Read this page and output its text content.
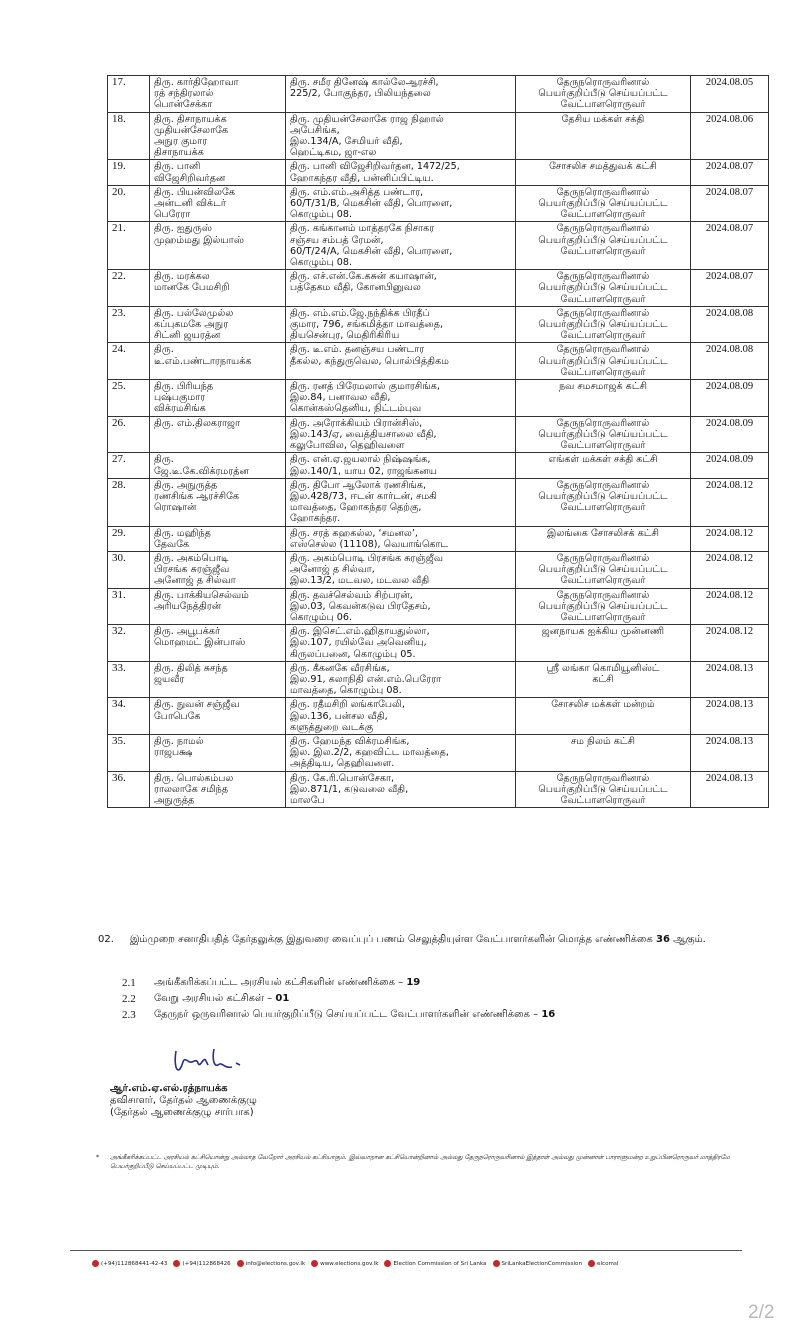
17.	திரு. கார்திஹோவா
ரத் சந்திரலால்
பொன்சேக்கா	திரு. சமீர தினேஷ் கால்லேஆரச்சி,
225/2, போகுந்தர, பிலியந்தலை	தேருநரொருவரினால்
பெயர்குறிப்பீடு செய்யப்பட்ட
வேட்பாளரொருவர்	2024.08.05
18.	திரு. திசாநாயக்க
முதியன்சேலாகே
அநுர குமார
திசாநாயக்க	திரு. முதியன்சேலாகே ராஜ நிஹால்
அபேசிங்க,
இல.134/A, சேமியர் வீதி,
ஹெட்டிகம, ஜா-எல	தேசிய மக்கள் சக்தி	2024.08.06
19.	திரு. பானி
விஜேசிறிவர்தன	திரு. பானி விஜேசிறிவர்தன, 1472/25,
ஹோகந்தர வீதி, பன்னிப்பிட்டிய.	சோசலிச சமத்துவக் கட்சி	2024.08.07
20.	திரு. பியன்விலகே
அன்டனி விக்டர்
பெரேரா	திரு. எம்.எம்.அசித்த பண்டார,
60/T/31/B, மெகசின் வீதி, பொரளை,
கொழும்பு 08.	தேருநரொருவரினால்
பெயர்குறிப்பீடு செய்யப்பட்ட
வேட்பாளரொருவர்	2024.08.07
21.	திரு. ஐதுருஸ்
முஹம்மது இல்யாஸ்	திரு. கங்கானம் மாத்தரகே நிசாகர
சஞ்சய சம்பத் ரேமன்,
60/T/24/A, மெகசின் வீதி, பொரளை,
கொழும்பு 08.	தேருநரொருவரினால்
பெயர்குறிப்பீடு செய்யப்பட்ட
வேட்பாளரொருவர்	2024.08.07
22.	திரு. மரக்கல
மானகே பேமசிறி	திரு. எச்.என்.கே.கசுன் கயாஷான்,
பத்தேகம வீதி, கோனபினுவல	தேருநரொருவரினால்
பெயர்குறிப்பீடு செய்யப்பட்ட
வேட்பாளரொருவர்	2024.08.07
23.	திரு. பல்லேமுல்ல
கப்புகமகே அநுர
சிட்னி ஜயரத்ன	திரு. எம்.எம்.ஜே.நந்திக்க பிரதீப்
குமார, 796, சங்கமித்தா மாவத்தை,
தியசென்புர, மெதிரிகிரிய	தேருநரொருவரினால்
பெயர்குறிப்பீடு செய்யப்பட்ட
வேட்பாளரொருவர்	2024.08.08
24.	திரு.
டீ.எம்.பண்டாரநாயக்க	திரு. டீ.எம். தனஞ்சய பண்டார
தீகல்ல, கந்துருவெல, பொல்பித்திகம	தேருநரொருவரினால்
பெயர்குறிப்பீடு செய்யப்பட்ட
வேட்பாளரொருவர்	2024.08.08
25.	திரு. பிரியந்த
புஷ்பகுமார
விக்ரமசிங்க	திரு. ரனத் பிரேமலால் குமாரசிங்க,
இல.84, பனாவல வீதி,
கொன்கஸ்தெனிய, நிட்டம்புவ	நவ சமசமாஜக் கட்சி	2024.08.09
26.	திரு. எம்.திலகராஜா	திரு. அரோக்கியம் பிரான்சிஸ்,
இல.143/ஏ, வைத்தியசாலை வீதி,
கலுபோவில, தெஹிவளை	தேருநரொருவரினால்
பெயர்குறிப்பீடு செய்யப்பட்ட
வேட்பாளரொருவர்	2024.08.09
27.	திரு.
ஜே.டீ.கே.விக்ரமரத்ன	திரு. என்.ஏ.ஜயலால் நிஷ்ஷங்க,
இல.140/1, யாய 02, ராஜங்கனய	எங்கள் மக்கள் சக்தி கட்சி	2024.08.09
28.	திரு. அநுருத்த
ரணசிங்க ஆரச்சிகே
ரொஷான்	திரு. திபோ ஆலோக் ரணசிங்க,
இல.428/73, ஈடன் கார்டன், சமகி
மாவத்தை, ஹோகந்தர தெற்கு,
ஹோகந்தர.	தேருநரொருவரினால்
பெயர்குறிப்பீடு செய்யப்பட்ட
வேட்பாளரொருவர்	2024.08.12
29.	திரு. மஹிந்த
தேவகே	திரு. சரத் கஹகல்ல, ‘சமனல’,
எஸ்செல்ல (11108), வெயாங்கொட	இலங்கை சோசலிசக் கட்சி	2024.08.12
30.	திரு. அகம்பொடி
பிரசங்க சுரஞ்ஜீவ
அனோஜ் த சில்வா	திரு. அகம்பொடி பிரசங்க சுரஞ்ஜீவ
அனோஜ் த சில்வா,
இல.13/2, மடவல, மடவல வீதி	தேருநரொருவரினால்
பெயர்குறிப்பீடு செய்யப்பட்ட
வேட்பாளரொருவர்	2024.08.12
31.	திரு. பாக்கியசெல்வம்
அரியநேத்திரன்	திரு. தவச்செல்வம் சிற்பரன்,
இல.03, கெவன்கடுவ பிரதேசம்,
கொழும்பு 06.	தேருநரொருவரினால்
பெயர்குறிப்பீடு செய்யப்பட்ட
வேட்பாளரொருவர்	2024.08.12
32.	திரு. அபூபக்கர்
மொஹமட் இன்பாஸ்	திரு. இசெட்.எம்.ஹிதாயதுல்லா,
இல.107, ரயில்வே அவெனியு,
கிருலப்பனை, கொழும்பு 05.	ஜனநாயக ஐக்கிய முன்னணி	2024.08.12
33.	திரு. திலித் சுசந்த
ஜயவீர	திரு. கீகனகே வீரசிங்க,
இல.91, கலாநிதி என்.எம்.பெரேரா
மாவத்தை, கொழும்பு 08.	ஸ்ரீ லங்கா கொமியூனிஸ்ட்
கட்சி	2024.08.13
34.	திரு. நுவன் சஞ்ஜீவ
போபெகே	திரு. ரதீமசிறி லங்காபேலி,
இல.136, பன்சல வீதி,
களுத்துறை வடக்கு	சோசலிச மக்கள் மன்றம்	2024.08.13
35.	திரு. நாமல்
ராஜபக்ஷ	திரு. ஹேமந்த விக்ரமசிங்க,
இல. இல.2/2, கஹவிட்ட மாவத்தை,
அத்திடிய, தெஹிவளை.	சம நிலம் கட்சி	2024.08.13
36.	திரு. பொல்கம்பல
ராலலாகே சமிந்த
அநுருத்த	திரு. கே.ரி.பொன்சேகா,
இல.871/1, கடுவலை வீதி,
மாலபே	தேருநரொருவரினால்
பெயர்குறிப்பீடு செய்யப்பட்ட
வேட்பாளரொருவர்	2024.08.13
02. இம்முறை சனாதிபதித் தேர்தலுக்கு இதுவரை வைப்புப் பணம் செலுத்தியுள்ள வேட்பாளர்களின் மொத்த எண்ணிக்கை 36 ஆகும்.
2.1	அங்கீகரிக்கப்பட்ட அரசியல் கட்சிகளின் எண்ணிக்கை –
19
2.2	வேறு அரசியல் கட்சிகள் –
01
2.3	தேருநர் ஒருவரினால் பெயர்குறிப்பீடு செய்யப்பட்ட வேட்பாளர்களின் எண்ணிக்கை –
16
ஆர்.எம்.ஏ.எல்.ரத்நாயக்க
தவிசாளர், தேர்தல் ஆணைக்குழு
(தேர்தல் ஆணைக்குழு சார்பாக)
*	அங்கீகரிக்கப்பட்ட அரசியல் கட்சியொன்று அல்லாத வேறோர் அரசியல் கட்சியாகும். இவ்வாறான கட்சியொன்றினால் அல்லது தேருநரொருவரினால் இத்தாள் அல்லது முன்னாள் பாராளுமன்ற உறுப்பினரொருவர் மாத்திரமே பெயர்குறிப்பீடு செய்யப்பட்ட முடியும்.
(+94)112868441-42-43	(+94)112868426	info@elections.gov.lk	www.elections.gov.lk	Election Commission of Sri Lanka	SriLankaElectionCommission	elcomsl
2/2
